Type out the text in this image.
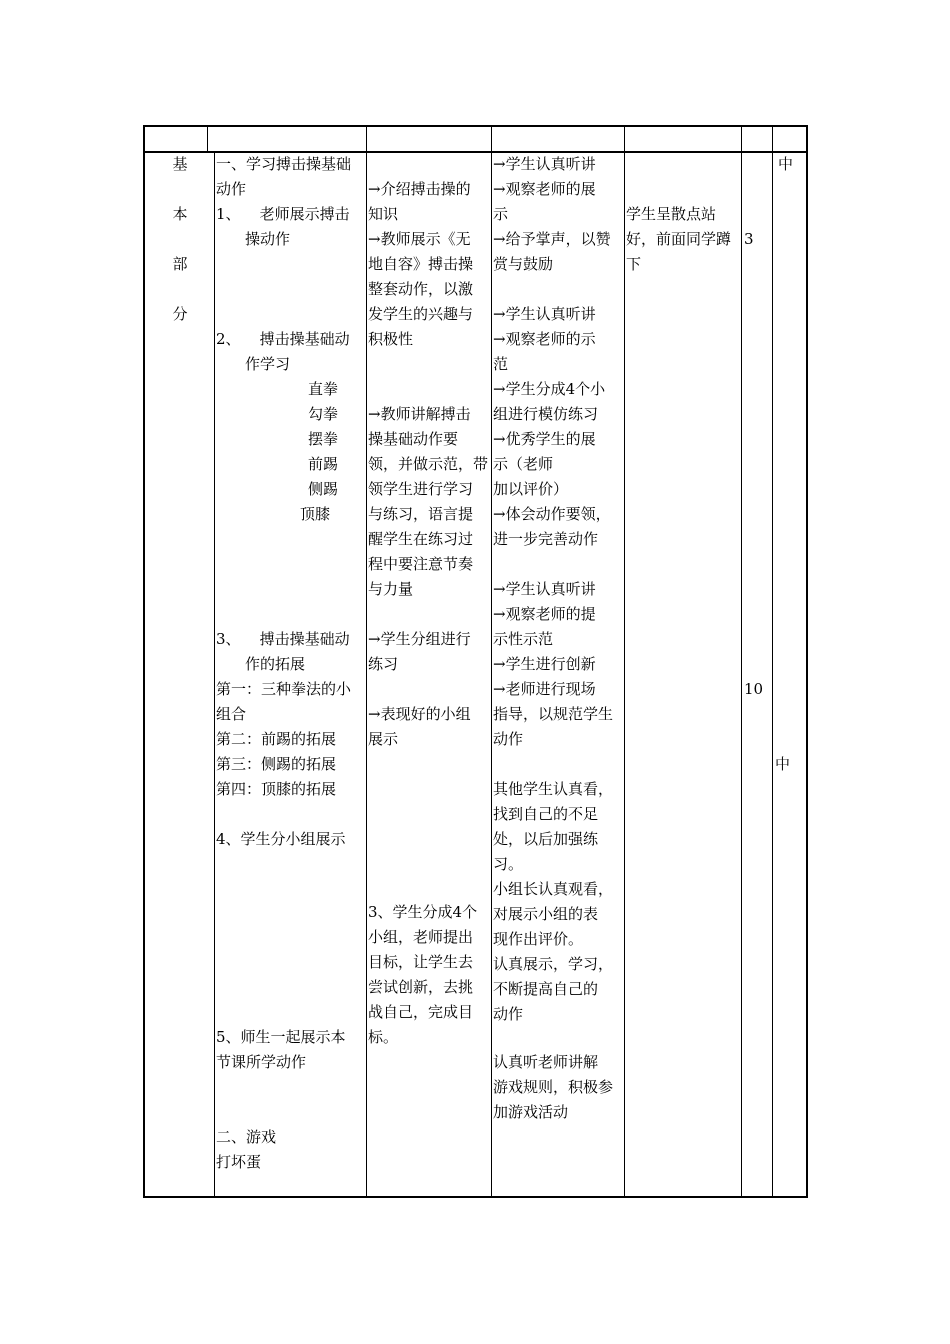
基
本
部
分
一、学习搏击操基础
动作
1、    老师展示搏击
操动作
2、    搏击操基础动
作学习
直拳
勾拳
摆拳
前踢
侧踢
顶膝
3、    搏击操基础动
作的拓展
第一：三种拳法的小
组合
第二：前踢的拓展
第三：侧踢的拓展
第四：顶膝的拓展
4、学生分小组展示
5、师生一起展示本
节课所学动作
二、游戏
打坏蛋
→介绍搏击操的
知识
→教师展示《无
地自容》搏击操
整套动作，以激
发学生的兴趣与
积极性
→教师讲解搏击
操基础动作要
领，并做示范，带
领学生进行学习
与练习，语言提
醒学生在练习过
程中要注意节奏
与力量
→学生分组进行
练习
→表现好的小组
展示
3、学生分成4个
小组，老师提出
目标，让学生去
尝试创新，去挑
战自己，完成目
标。
→学生认真听讲
→观察老师的展
示
→给予掌声，以赞
赏与鼓励
→学生认真听讲
→观察老师的示
范
→学生分成4个小
组进行模仿练习
→优秀学生的展
示（老师
加以评价）
→体会动作要领，
进一步完善动作
→学生认真听讲
→观察老师的提
示性示范
→学生进行创新
→老师进行现场
指导，以规范学生
动作
其他学生认真看，
找到自己的不足
处，以后加强练
习。
小组长认真观看，
对展示小组的表
现作出评价。
认真展示，学习，
不断提高自己的
动作
认真听老师讲解
游戏规则，积极参
加游戏活动
学生呈散点站
好，前面同学蹲
下
3
10
中
中
